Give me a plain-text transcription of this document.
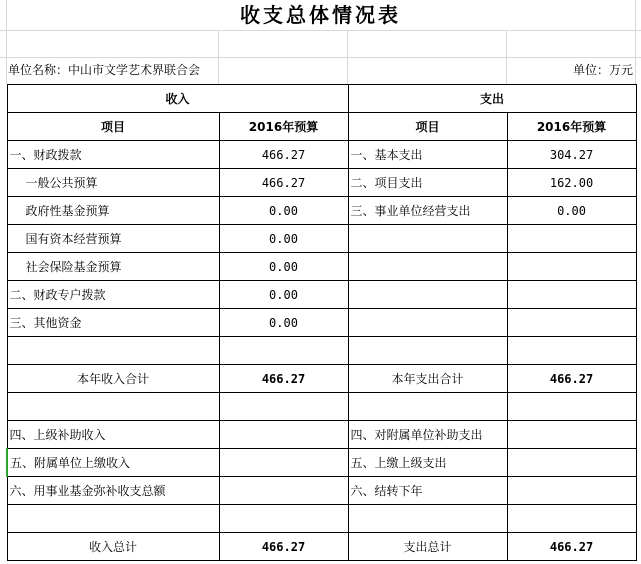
收支总体情况表
单位名称：中山市文学艺术界联合会	单位：万元
收入		支出	
项目	2016年预算	项目	2016年预算
一、财政拨款	466.27	一、基本支出	304.27
一般公共预算	466.27	二、项目支出	162.00
政府性基金预算	0.00	三、事业单位经营支出	0.00
国有资本经营预算	0.00		
社会保险基金预算	0.00		
二、财政专户拨款	0.00		
三、其他资金	0.00		

本年收入合计	466.27	本年支出合计	466.27

四、上级补助收入		四、对附属单位补助支出	
五、附属单位上缴收入		五、上缴上级支出	
六、用事业基金弥补收支总额		六、结转下年	

收入总计	466.27	支出总计	466.27
